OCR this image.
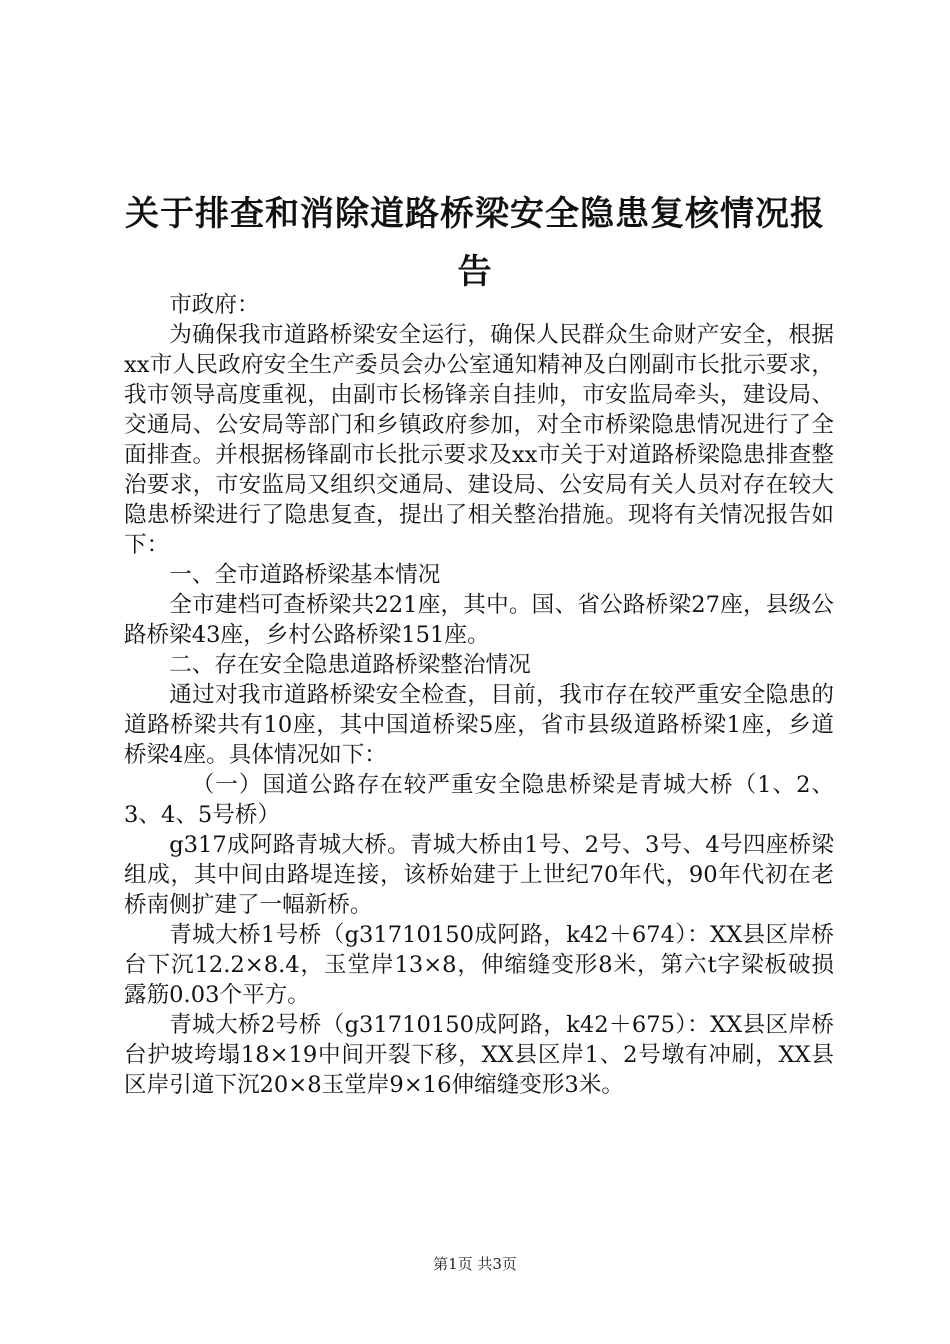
关于排查和消除道路桥梁安全隐患复核情况报
告

市政府：

为确保我市道路桥梁安全运行，确保人民群众生命财产安全，根据xx市人民政府安全生产委员会办公室通知精神及白刚副市长批示要求，我市领导高度重视，由副市长杨锋亲自挂帅，市安监局牵头，建设局、交通局、公安局等部门和乡镇政府参加，对全市桥梁隐患情况进行了全面排查。并根据杨锋副市长批示要求及xx市关于对道路桥梁隐患排查整治要求，市安监局又组织交通局、建设局、公安局有关人员对存在较大隐患桥梁进行了隐患复查，提出了相关整治措施。现将有关情况报告如下：

一、全市道路桥梁基本情况

全市建档可查桥梁共221座，其中。国、省公路桥梁27座，县级公路桥梁43座，乡村公路桥梁151座。

二、存在安全隐患道路桥梁整治情况

通过对我市道路桥梁安全检查，目前，我市存在较严重安全隐患的道路桥梁共有10座，其中国道桥梁5座，省市县级道路桥梁1座，乡道桥梁4座。具体情况如下：

（一）国道公路存在较严重安全隐患桥梁是青城大桥（1、2、3、4、5号桥）

g317成阿路青城大桥。青城大桥由1号、2号、3号、4号四座桥梁组成，其中间由路堤连接，该桥始建于上世纪70年代，90年代初在老桥南侧扩建了一幅新桥。

青城大桥1号桥（g31710150成阿路，k42＋674）：XX县区岸桥台下沉12.2×8.4，玉堂岸13×8，伸缩缝变形8米，第六t字梁板破损露筋0.03个平方。

青城大桥2号桥（g31710150成阿路，k42＋675）：XX县区岸桥台护坡垮塌18×19中间开裂下移，XX县区岸1、2号墩有冲刷，XX县区岸引道下沉20×8玉堂岸9×16伸缩缝变形3米。

第1页 共3页
